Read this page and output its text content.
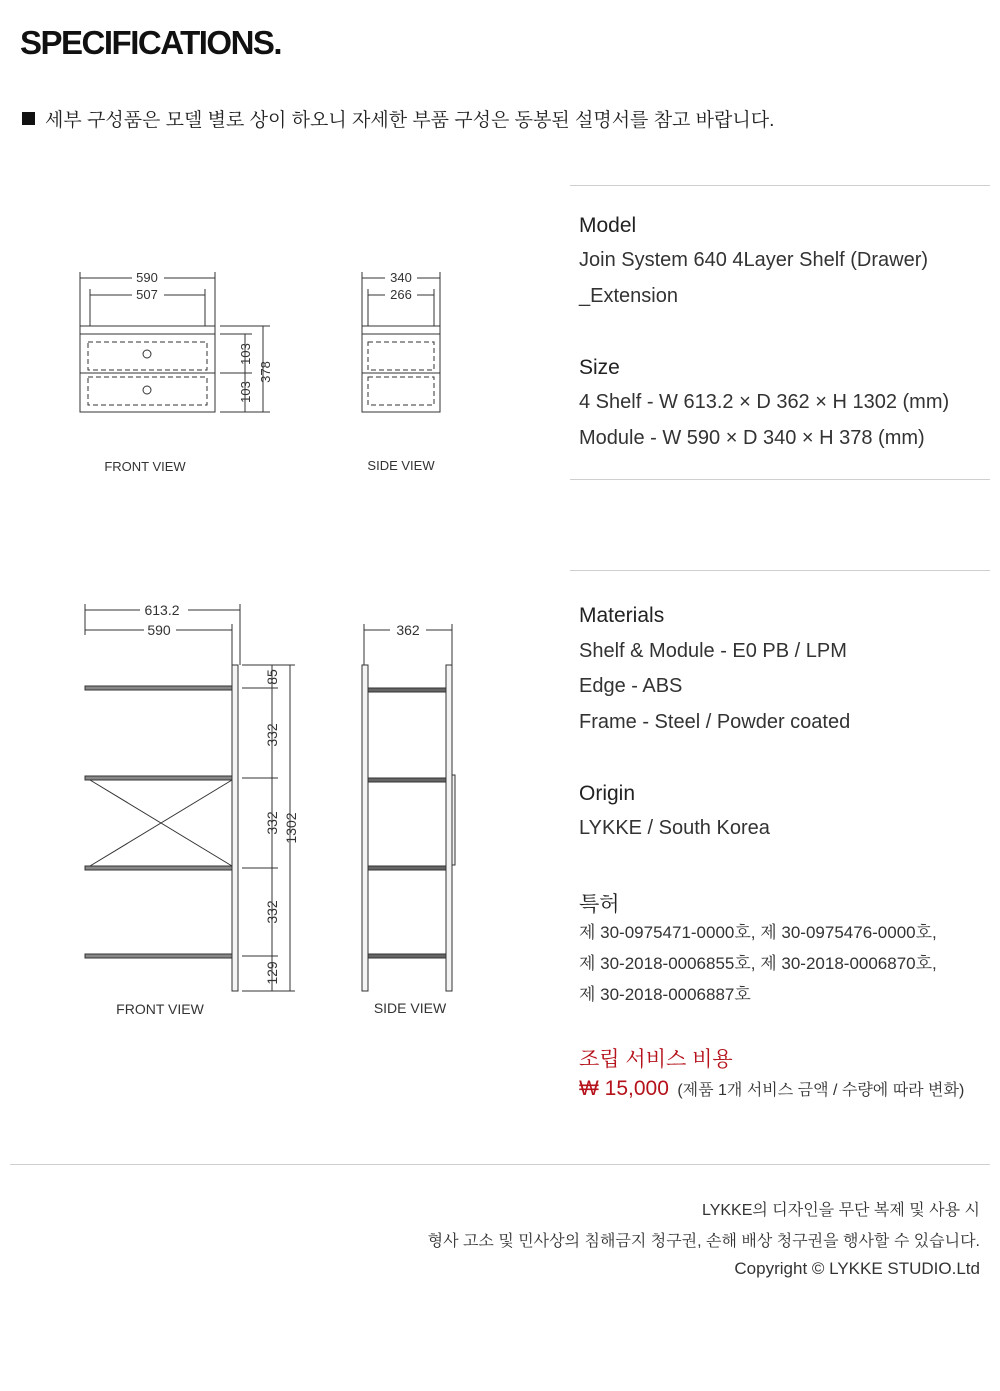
SPECIFICATIONS.
세부 구성품은 모델 별로 상이 하오니 자세한 부품 구성은 동봉된 설명서를 참고 바랍니다.
590
507
103
103
378
340
266
FRONT VIEW	SIDE VIEW
613.2
590	362
85
332
332
332
129
1302
FRONT VIEW	SIDE VIEW
Model
Join System 640 4Layer Shelf (Drawer)
_Extension
Size
4 Shelf - W 613.2 × D 362 × H 1302 (mm)
Module - W 590 × D 340 × H 378 (mm)
Materials
Shelf & Module - E0 PB / LPM
Edge - ABS
Frame - Steel / Powder coated
Origin
LYKKE / South Korea
특허
제 30-0975471-0000호, 제 30-0975476-0000호,
제 30-2018-0006855호, 제 30-2018-0006870호,
제 30-2018-0006887호
조립 서비스 비용
₩ 15,000 (제품 1개 서비스 금액 / 수량에 따라 변화)
LYKKE의 디자인을 무단 복제 및 사용 시
형사 고소 및 민사상의 침해금지 청구권, 손해 배상 청구권을 행사할 수 있습니다.
Copyright © LYKKE STUDIO.Ltd
